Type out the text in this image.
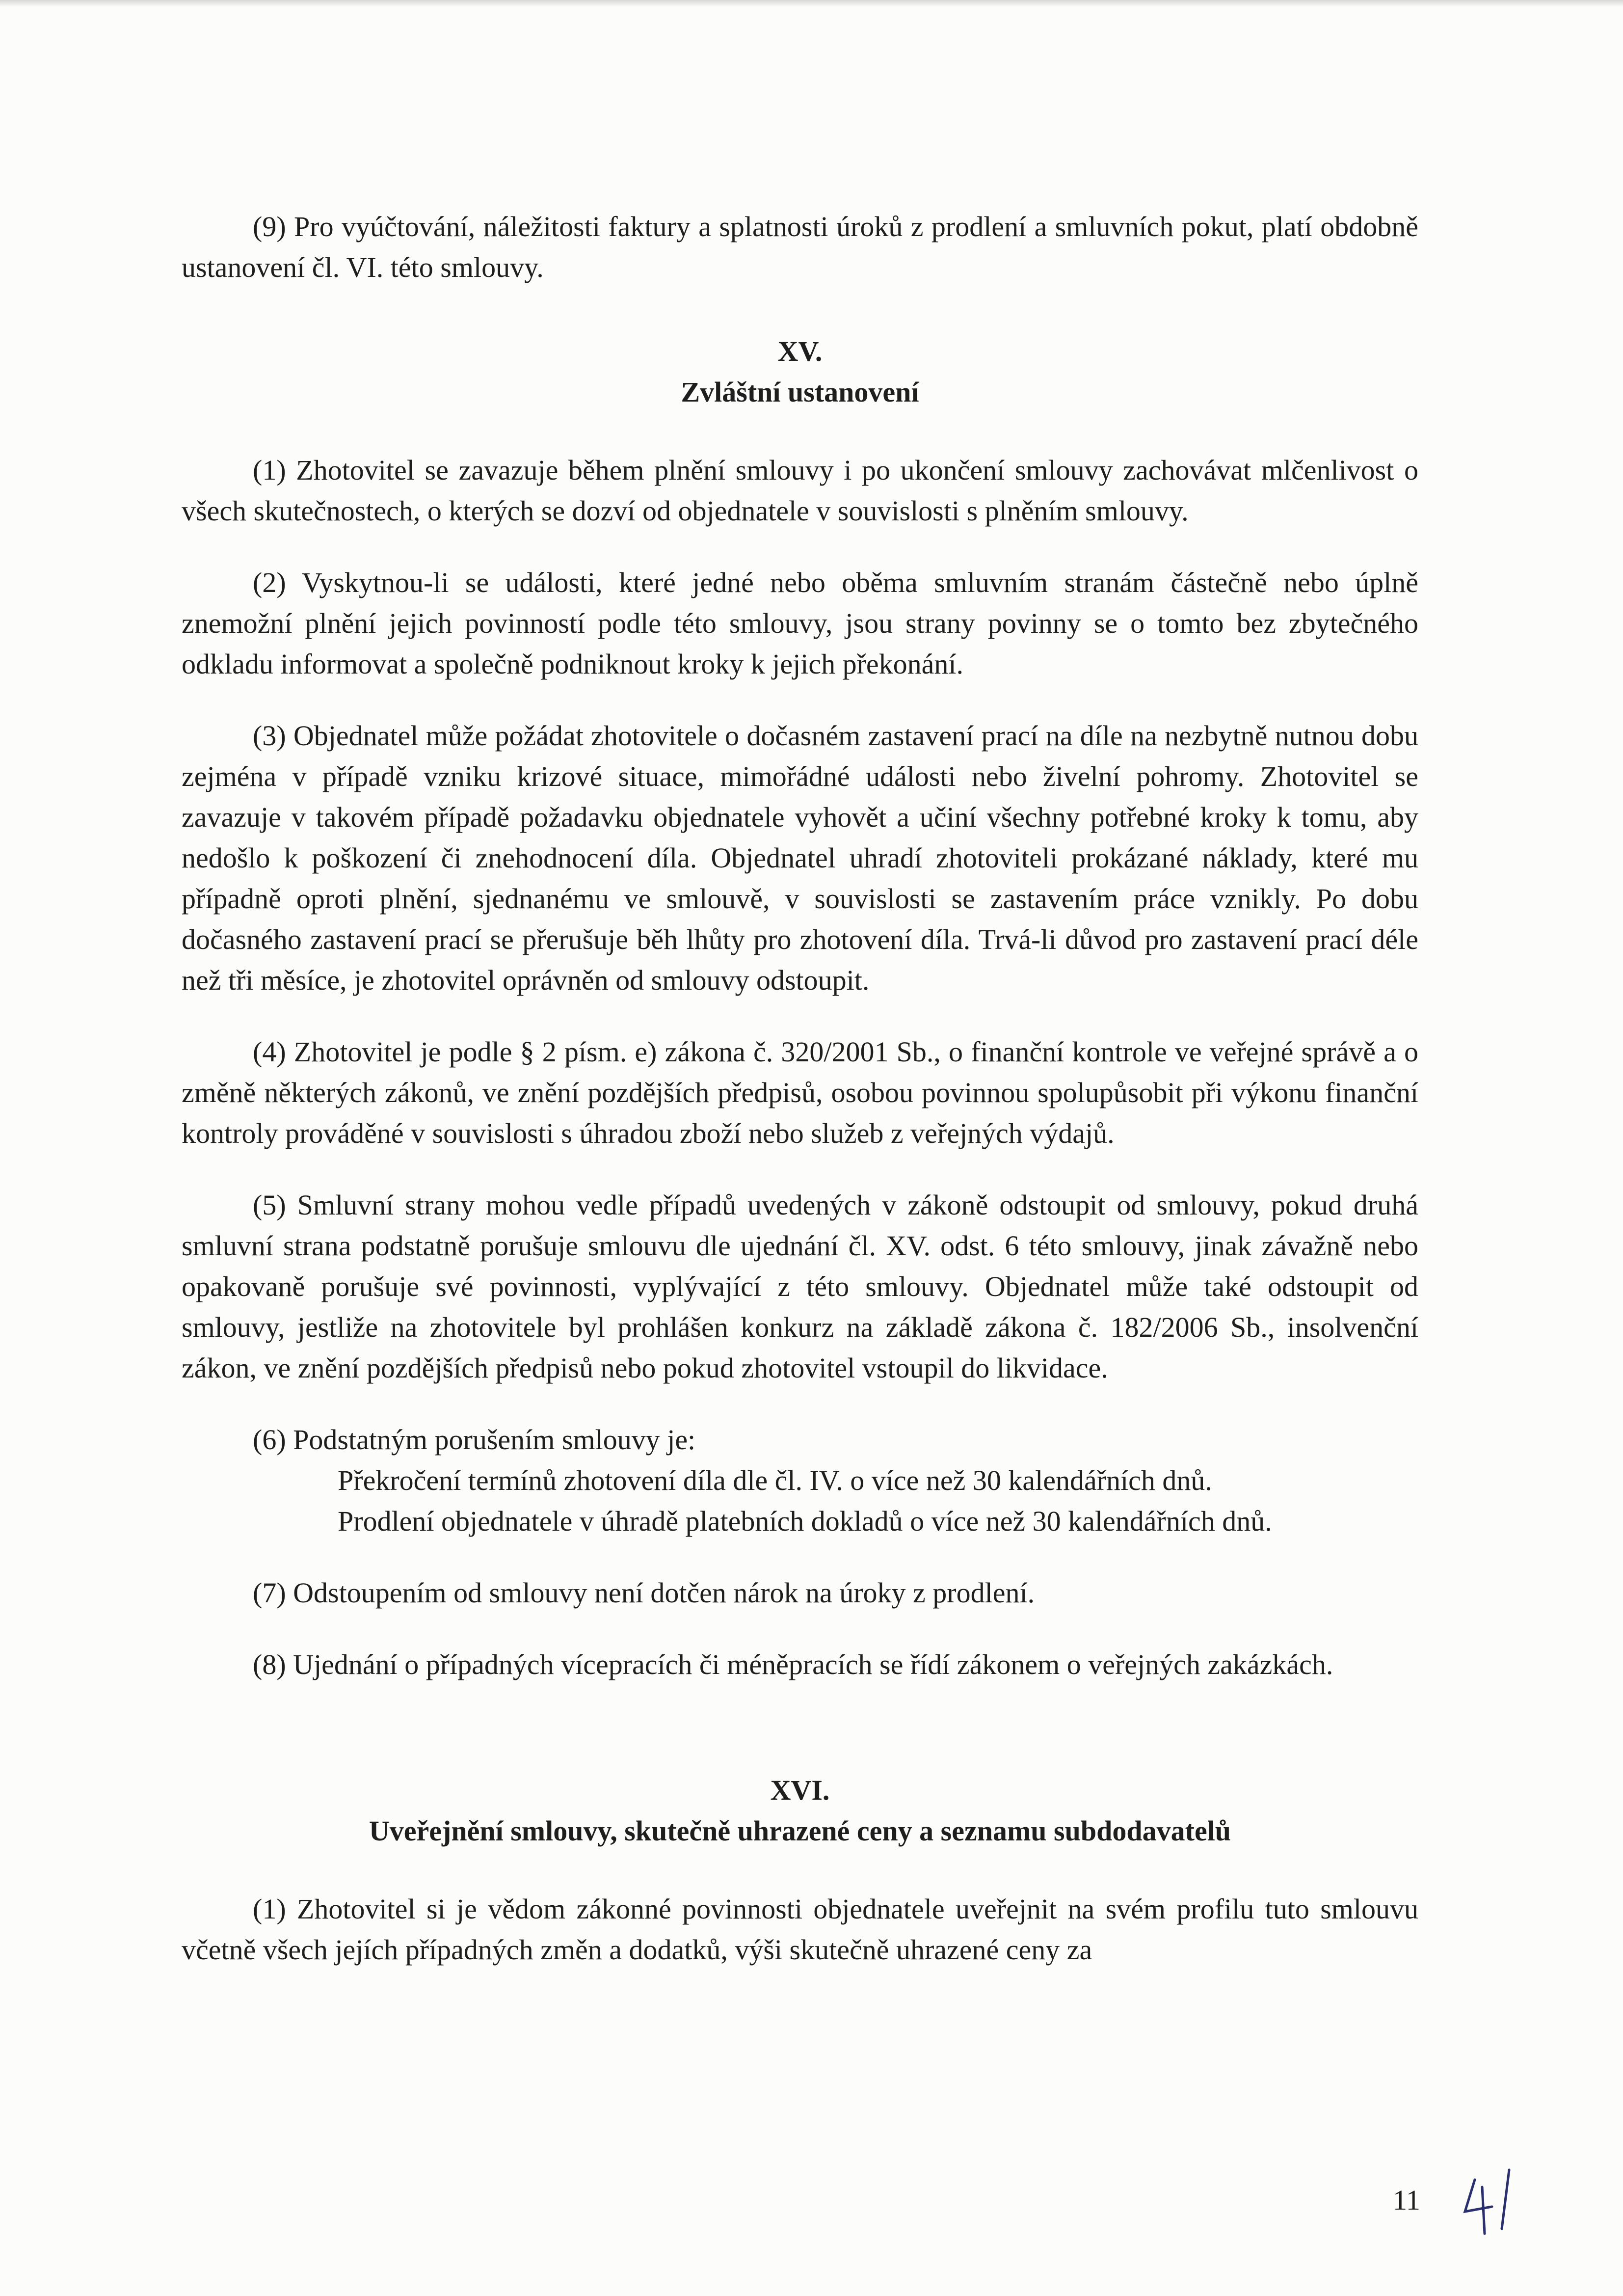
(9) Pro vyúčtování, náležitosti faktury a splatnosti úroků z prodlení a smluvních pokut, platí obdobně ustanovení čl. VI. této smlouvy.

XV.

Zvláštní ustanovení

(1) Zhotovitel se zavazuje během plnění smlouvy i po ukončení smlouvy zachovávat mlčenlivost o všech skutečnostech, o kterých se dozví od objednatele v souvislosti s plněním smlouvy.

(2) Vyskytnou-li se události, které jedné nebo oběma smluvním stranám částečně nebo úplně znemožní plnění jejich povinností podle této smlouvy, jsou strany povinny se o tomto bez zbytečného odkladu informovat a společně podniknout kroky k jejich překonání.

(3) Objednatel může požádat zhotovitele o dočasném zastavení prací na díle na nezbytně nutnou dobu zejména v případě vzniku krizové situace, mimořádné události nebo živelní pohromy. Zhotovitel se zavazuje v takovém případě požadavku objednatele vyhovět a učiní všechny potřebné kroky k tomu, aby nedošlo k poškození či znehodnocení díla. Objednatel uhradí zhotoviteli prokázané náklady, které mu případně oproti plnění, sjednanému ve smlouvě, v souvislosti se zastavením práce vznikly. Po dobu dočasného zastavení prací se přerušuje běh lhůty pro zhotovení díla. Trvá-li důvod pro zastavení prací déle než tři měsíce, je zhotovitel oprávněn od smlouvy odstoupit.

(4) Zhotovitel je podle § 2 písm. e) zákona č. 320/2001 Sb., o finanční kontrole ve veřejné správě a o změně některých zákonů, ve znění pozdějších předpisů, osobou povinnou spolupůsobit při výkonu finanční kontroly prováděné v souvislosti s úhradou zboží nebo služeb z veřejných výdajů.

(5) Smluvní strany mohou vedle případů uvedených v zákoně odstoupit od smlouvy, pokud druhá smluvní strana podstatně porušuje smlouvu dle ujednání čl. XV. odst. 6 této smlouvy, jinak závažně nebo opakovaně porušuje své povinnosti, vyplývající z této smlouvy. Objednatel může také odstoupit od smlouvy, jestliže na zhotovitele byl prohlášen konkurz na základě zákona č. 182/2006 Sb., insolvenční zákon, ve znění pozdějších předpisů nebo pokud zhotovitel vstoupil do likvidace.

(6) Podstatným porušením smlouvy je:

Překročení termínů zhotovení díla dle čl. IV. o více než 30 kalendářních dnů.

Prodlení objednatele v úhradě platebních dokladů o více než 30 kalendářních dnů.

(7) Odstoupením od smlouvy není dotčen nárok na úroky z prodlení.

(8) Ujednání o případných vícepracích či méněpracích se řídí zákonem o veřejných zakázkách.

XVI.

Uveřejnění smlouvy, skutečně uhrazené ceny a seznamu subdodavatelů

(1) Zhotovitel si je vědom zákonné povinnosti objednatele uveřejnit na svém profilu tuto smlouvu včetně všech jejích případných změn a dodatků, výši skutečně uhrazené ceny za

11
